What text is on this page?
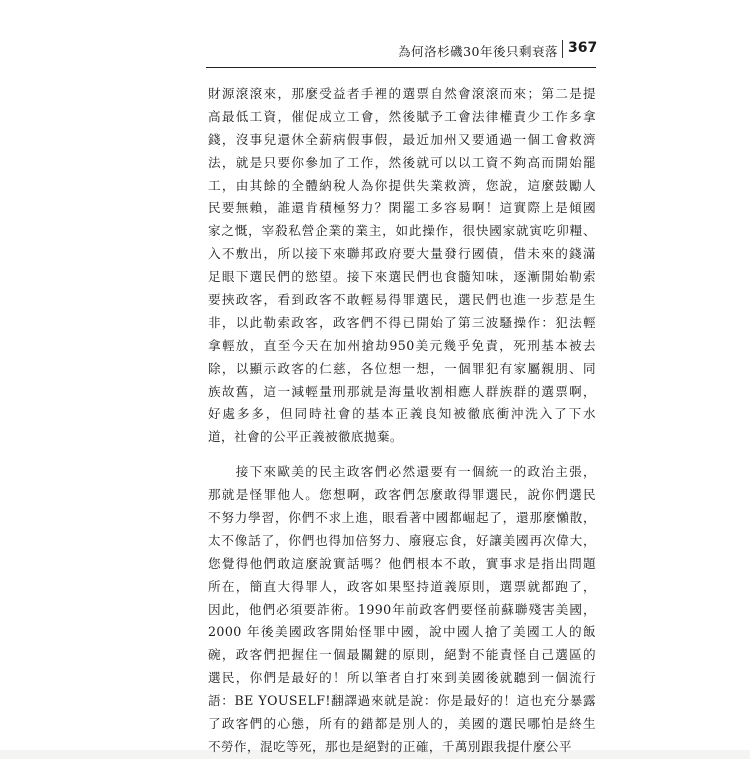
為何洛杉磯30年後只剩衰落 367
財源滾滾來，那麼受益者手裡的選票自然會滾滾而來；第二是提
高最低工資，催促成立工會，然後賦予工會法律權責少工作多拿
錢，沒事兒還休全薪病假事假，最近加州又要通過一個工會救濟
法，就是只要你參加了工作，然後就可以以工資不夠高而開始罷
工，由其餘的全體納稅人為你提供失業救濟，您說，這麼鼓勵人
民要無賴，誰還肯積極努力？閑罷工多容易啊！這實際上是傾國
家之慨，宰殺私營企業的業主，如此操作，很快國家就寅吃卯糧、
入不敷出，所以接下來聯邦政府要大量發行國債，借未來的錢滿
足眼下選民們的慾望。接下來選民們也食髓知味，逐漸開始勒索
要挾政客，看到政客不敢輕易得罪選民，選民們也進一步惹是生
非，以此勒索政客，政客們不得已開始了第三波騷操作：犯法輕
拿輕放，直至今天在加州搶劫950美元幾乎免責，死刑基本被去
除，以顯示政客的仁慈，各位想一想，一個罪犯有家屬親朋、同
族故舊，這一減輕量刑那就是海量收割相應人群族群的選票啊，
好處多多，但同時社會的基本正義良知被徹底衝沖洗入了下水
道，社會的公平正義被徹底拋棄。
　　接下來歐美的民主政客們必然還要有一個統一的政治主張，
那就是怪罪他人。您想啊，政客們怎麼敢得罪選民，說你們選民
不努力學習，你們不求上進，眼看著中國都崛起了，還那麼懶散，
太不像話了，你們也得加倍努力、廢寢忘食，好讓美國再次偉大，
您覺得他們敢這麼說實話嗎？他們根本不敢，實事求是指出問題
所在，簡直大得罪人，政客如果堅持道義原則，選票就都跑了，
因此，他們必須要詐術。1990年前政客們要怪前蘇聯殘害美國，
2000 年後美國政客開始怪罪中國，說中國人搶了美國工人的飯
碗，政客們把握住一個最關鍵的原則，絕對不能責怪自己選區的
選民，你們是最好的！所以筆者自打來到美國後就聽到一個流行
語：BE YOUSELF!翻譯過來就是說：你是最好的！這也充分暴露
了政客們的心態，所有的錯都是別人的，美國的選民哪怕是終生
不勞作，混吃等死，那也是絕對的正確，千萬別跟我提什麼公平
